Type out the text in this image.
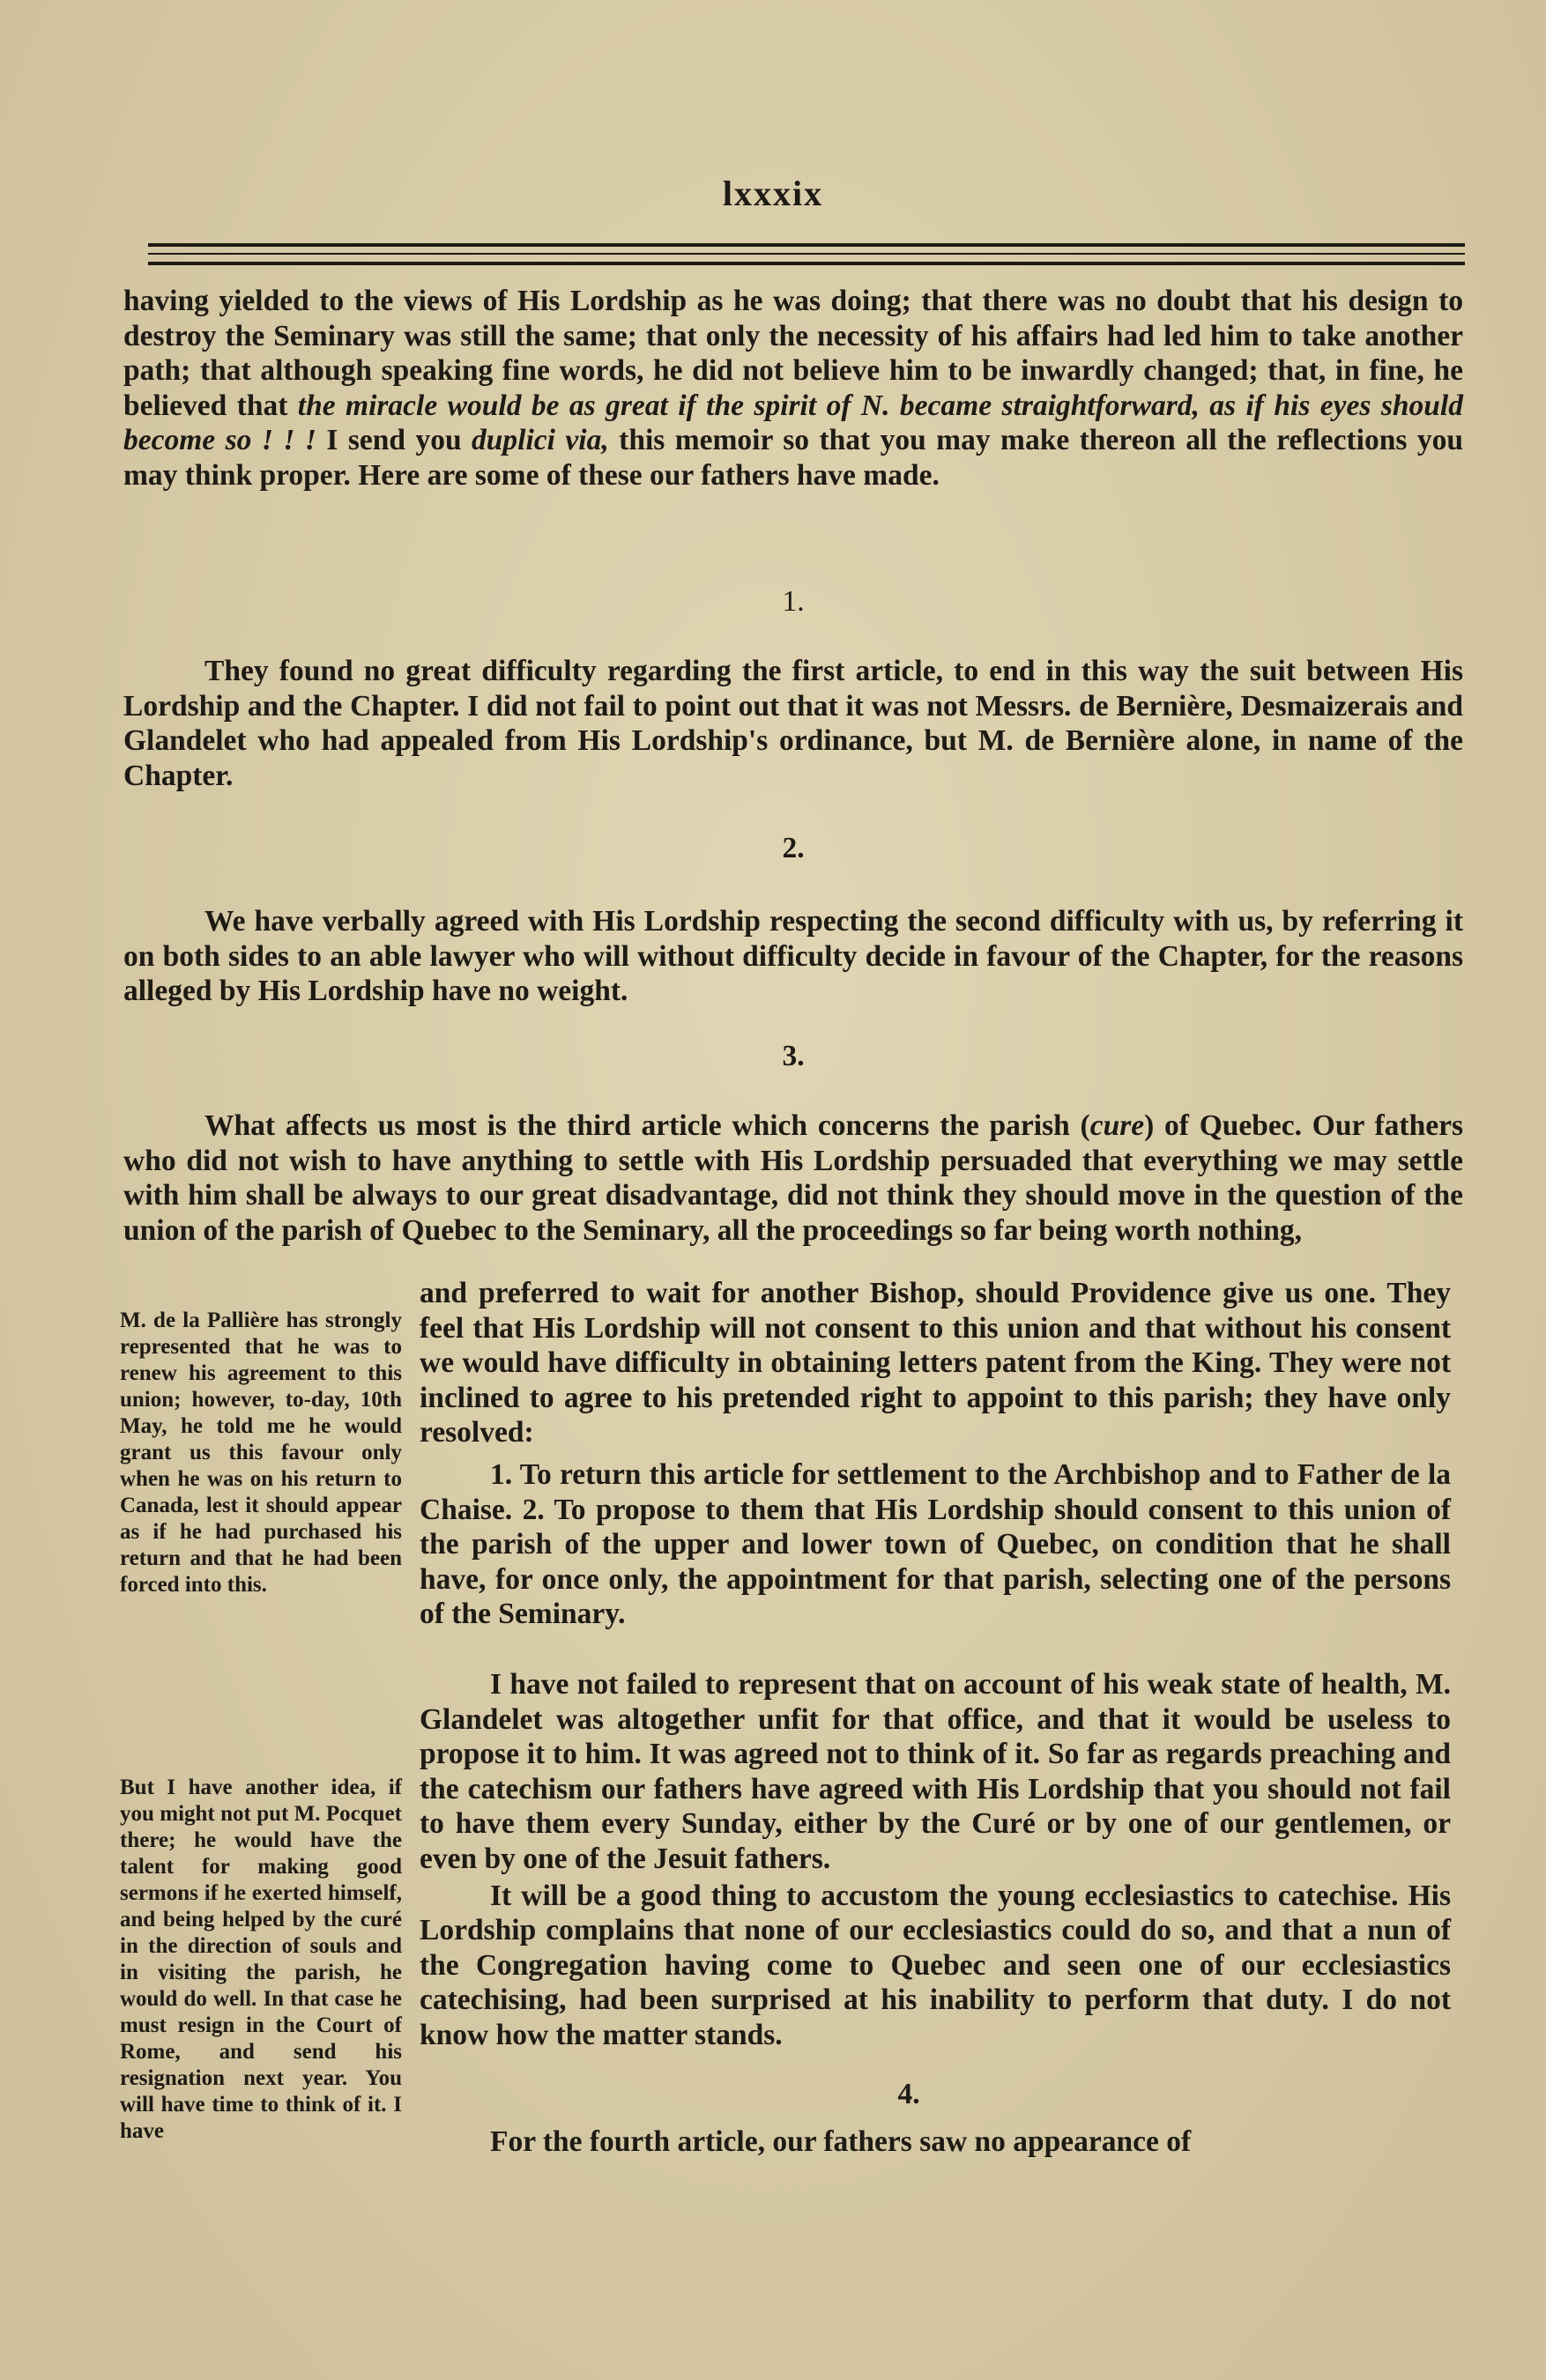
lxxxix

having yielded to the views of His Lordship as he was doing; that there was no doubt that his design to destroy the Seminary was still the same; that only the necessity of his affairs had led him to take another path; that although speaking fine words, he did not believe him to be inwardly changed; that, in fine, he believed that the miracle would be as great if the spirit of N. became straightforward, as if his eyes should become so ! ! ! I send you duplici via, this memoir so that you may make thereon all the reflections you may think proper. Here are some of these our fathers have made.

1.

They found no great difficulty regarding the first article, to end in this way the suit between His Lordship and the Chapter. I did not fail to point out that it was not Messrs. de Bernière, Desmaizerais and Glandelet who had appealed from His Lordship's ordinance, but M. de Bernière alone, in name of the Chapter.

2.

We have verbally agreed with His Lordship respecting the second difficulty with us, by referring it on both sides to an able lawyer who will without difficulty decide in favour of the Chapter, for the reasons alleged by His Lordship have no weight.

3.

What affects us most is the third article which concerns the parish (cure) of Quebec. Our fathers who did not wish to have anything to settle with His Lordship persuaded that everything we may settle with him shall be always to our great disadvantage, did not think they should move in the question of the union of the parish of Quebec to the Seminary, all the proceedings so far being worth nothing,

M. de la Pallière has strongly represented that he was to renew his agreement to this union; however, to-day, 10th May, he told me he would grant us this favour only when he was on his return to Canada, lest it should appear as if he had purchased his return and that he had been forced into this.
But I have another idea, if you might not put M. Pocquet there; he would have the talent for making good sermons if he exerted himself, and being helped by the curé in the direction of souls and in visiting the parish, he would do well. In that case he must resign in the Court of Rome, and send his resignation next year. You will have time to think of it. I have

and preferred to wait for another Bishop, should Providence give us one. They feel that His Lordship will not consent to this union and that without his consent we would have difficulty in obtaining letters patent from the King. They were not inclined to agree to his pretended right to appoint to this parish; they have only resolved:

1. To return this article for settlement to the Archbishop and to Father de la Chaise. 2. To propose to them that His Lordship should consent to this union of the parish of the upper and lower town of Quebec, on condition that he shall have, for once only, the appointment for that parish, selecting one of the persons of the Seminary.

I have not failed to represent that on account of his weak state of health, M. Glandelet was altogether unfit for that office, and that it would be useless to propose it to him. It was agreed not to think of it. So far as regards preaching and the catechism our fathers have agreed with His Lordship that you should not fail to have them every Sunday, either by the Curé or by one of our gentlemen, or even by one of the Jesuit fathers.

It will be a good thing to accustom the young ecclesiastics to catechise. His Lordship complains that none of our ecclesiastics could do so, and that a nun of the Congregation having come to Quebec and seen one of our ecclesiastics catechising, had been surprised at his inability to perform that duty. I do not know how the matter stands.

4.

For the fourth article, our fathers saw no appearance of
